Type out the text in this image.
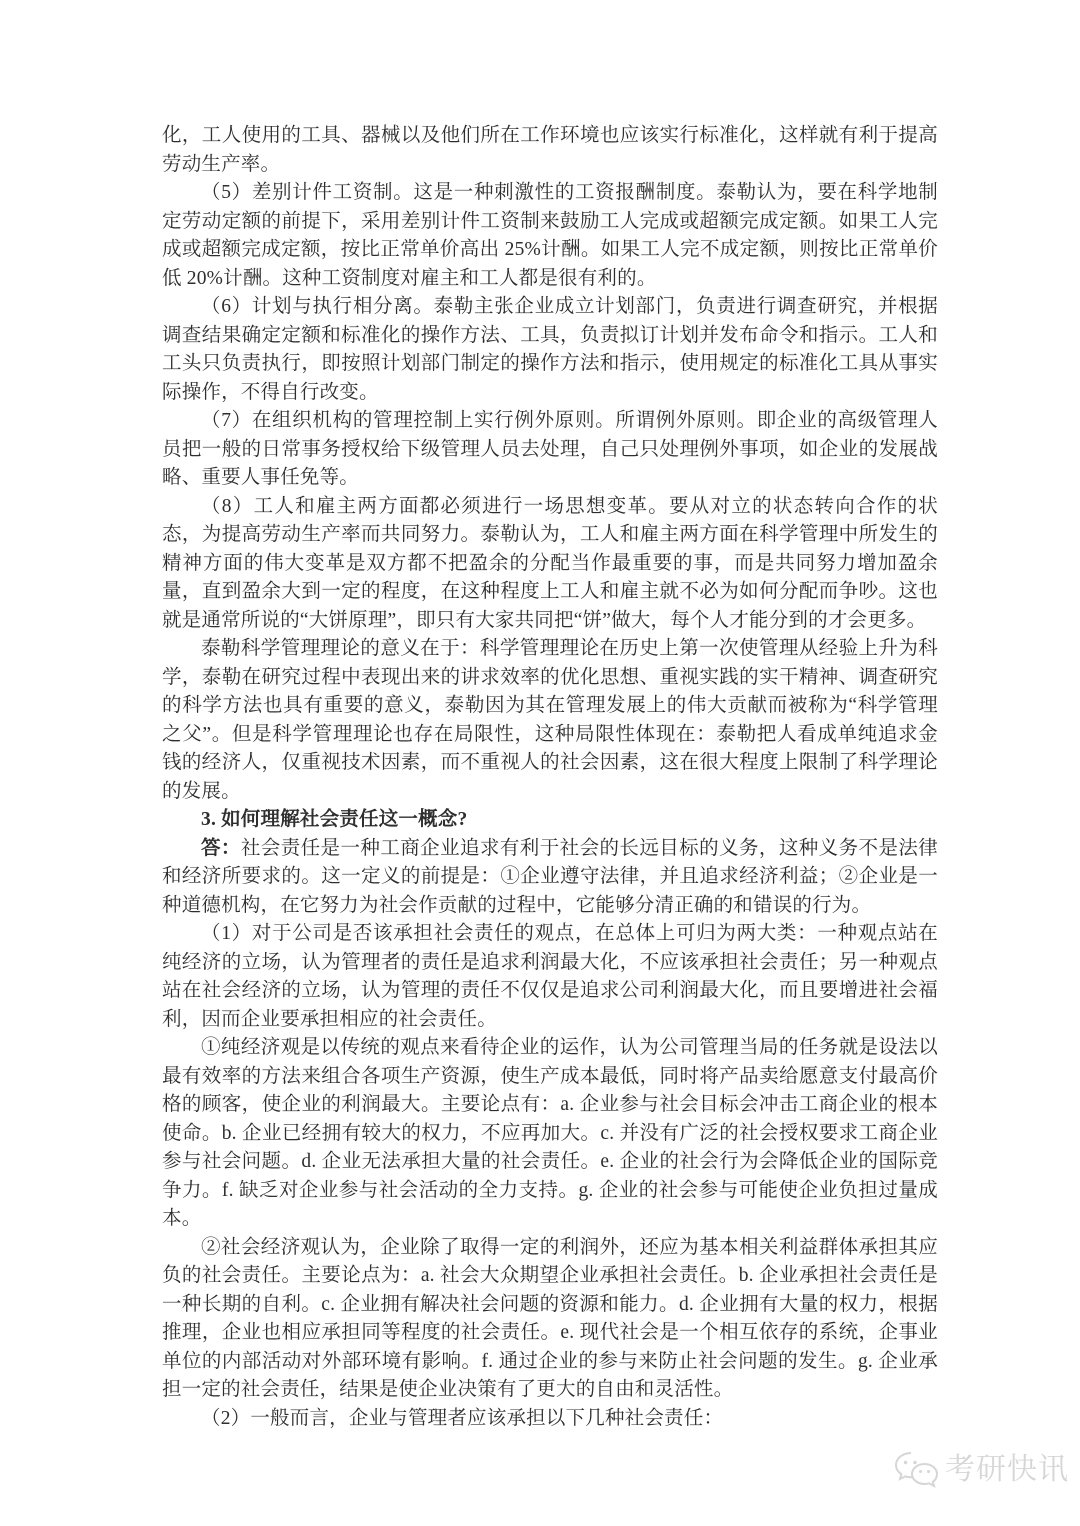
化，工人使用的工具、器械以及他们所在工作环境也应该实行标准化，这样就有利于提高劳动生产率。

（5）差别计件工资制。这是一种刺激性的工资报酬制度。泰勒认为，要在科学地制定劳动定额的前提下，采用差别计件工资制来鼓励工人完成或超额完成定额。如果工人完成或超额完成定额，按比正常单价高出 25%计酬。如果工人完不成定额，则按比正常单价低 20%计酬。这种工资制度对雇主和工人都是很有利的。

（6）计划与执行相分离。泰勒主张企业成立计划部门，负责进行调查研究，并根据调查结果确定定额和标准化的操作方法、工具，负责拟订计划并发布命令和指示。工人和工头只负责执行，即按照计划部门制定的操作方法和指示，使用规定的标准化工具从事实际操作，不得自行改变。

（7）在组织机构的管理控制上实行例外原则。所谓例外原则。即企业的高级管理人员把一般的日常事务授权给下级管理人员去处理，自己只处理例外事项，如企业的发展战略、重要人事任免等。

（8）工人和雇主两方面都必须进行一场思想变革。要从对立的状态转向合作的状态，为提高劳动生产率而共同努力。泰勒认为，工人和雇主两方面在科学管理中所发生的精神方面的伟大变革是双方都不把盈余的分配当作最重要的事，而是共同努力增加盈余量，直到盈余大到一定的程度，在这种程度上工人和雇主就不必为如何分配而争吵。这也就是通常所说的“大饼原理”，即只有大家共同把“饼”做大，每个人才能分到的才会更多。

泰勒科学管理理论的意义在于：科学管理理论在历史上第一次使管理从经验上升为科学，泰勒在研究过程中表现出来的讲求效率的优化思想、重视实践的实干精神、调查研究的科学方法也具有重要的意义，泰勒因为其在管理发展上的伟大贡献而被称为“科学管理之父”。但是科学管理理论也存在局限性，这种局限性体现在：泰勒把人看成单纯追求金钱的经济人，仅重视技术因素，而不重视人的社会因素，这在很大程度上限制了科学理论的发展。

3. 如何理解社会责任这一概念?

答：社会责任是一种工商企业追求有利于社会的长远目标的义务，这种义务不是法律和经济所要求的。这一定义的前提是：①企业遵守法律，并且追求经济利益；②企业是一种道德机构，在它努力为社会作贡献的过程中，它能够分清正确的和错误的行为。

（1）对于公司是否该承担社会责任的观点，在总体上可归为两大类：一种观点站在纯经济的立场，认为管理者的责任是追求利润最大化，不应该承担社会责任；另一种观点站在社会经济的立场，认为管理的责任不仅仅是追求公司利润最大化，而且要增进社会福利，因而企业要承担相应的社会责任。

①纯经济观是以传统的观点来看待企业的运作，认为公司管理当局的任务就是设法以最有效率的方法来组合各项生产资源，使生产成本最低，同时将产品卖给愿意支付最高价格的顾客，使企业的利润最大。主要论点有：a. 企业参与社会目标会冲击工商企业的根本使命。b. 企业已经拥有较大的权力，不应再加大。c. 并没有广泛的社会授权要求工商企业参与社会问题。d. 企业无法承担大量的社会责任。e. 企业的社会行为会降低企业的国际竞争力。f. 缺乏对企业参与社会活动的全力支持。g. 企业的社会参与可能使企业负担过量成本。

②社会经济观认为，企业除了取得一定的利润外，还应为基本相关利益群体承担其应负的社会责任。主要论点为：a. 社会大众期望企业承担社会责任。b. 企业承担社会责任是一种长期的自利。c. 企业拥有解决社会问题的资源和能力。d. 企业拥有大量的权力，根据推理，企业也相应承担同等程度的社会责任。e. 现代社会是一个相互依存的系统，企事业单位的内部活动对外部环境有影响。f. 通过企业的参与来防止社会问题的发生。g. 企业承担一定的社会责任，结果是使企业决策有了更大的自由和灵活性。

（2）一般而言，企业与管理者应该承担以下几种社会责任：

考研快讯
